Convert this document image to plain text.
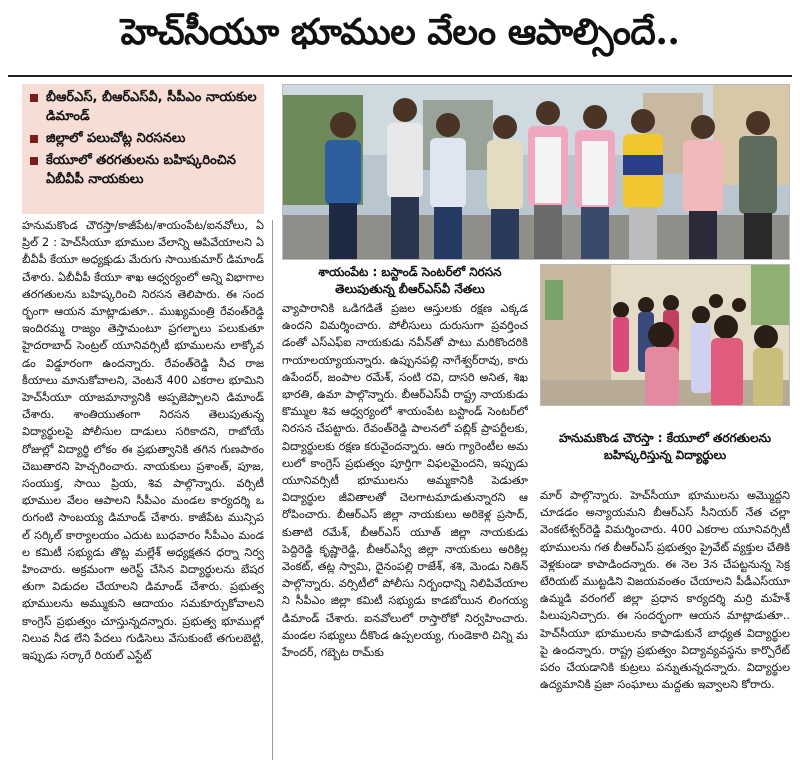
హెచ్‌సీయూ భూముల వేలం ఆపాల్సిందే..
బీఆర్‌ఎస్‌, బీఆర్‌ఎస్‌వీ, సీపీఎం నాయకుల డిమాండ్‌
జిల్లాలో పలుచోట్ల నిరసనలు
కేయూలో తరగతులను బహిష్కరించిన ఏబీవీపీ నాయకులు
శాయంపేట : బస్టాండ్‌ సెంటర్‌లో నిరసన తెలుపుతున్న బీఆర్‌ఎస్‌వీ నేతలు
హనుమకొండ చౌరస్తా : కేయూలో తరగతులను బహిష్కరిస్తున్న విద్యార్థులు

హనుమకొండ చౌరస్తా/కాజీపేట/శాయంపేట/ఐనవోలు, ఏప్రిల్‌ 2 : హెచ్‌సీయూ భూముల వేలాన్ని ఆపివేయాలని ఏబీవీపీ కేయూ అధ్యక్షుడు మేరుగు సాయికుమార్‌ డిమాండ్‌ చేశారు. ఏబీవీపీ కేయూ శాఖ ఆధ్వర్యంలో అన్ని విభాగాల తరగతులను బహిష్కరించి నిరసన తెలిపారు. ఈ సందర్భంగా ఆయన మాట్లాడుతూ.. ముఖ్యమంత్రి రేవంత్‌రెడ్డి ఇందిరమ్మ రాజ్యం తెస్తామంటూ ప్రగల్భాలు పలుకుతూ హైదరాబాద్‌ సెంట్రల్‌ యూనివర్సిటీ భూములను లాక్కోవడం విడ్డూరంగా ఉందన్నారు. రేవంత్‌రెడ్డి నీచ రాజకీయాలు మానుకోవాలని, వెంటనే 400 ఎకరాల భూమిని హెచ్‌సీయూ యాజమాన్యానికి అప్పజెప్పాలని డిమాండ్‌ చేశారు. శాంతియుతంగా నిరసన తెలుపుతున్న విద్యార్థులపై పోలీసుల దాడులు సరికాదని, రాబోయే రోజుల్లో విద్యార్థి లోకం ఈ ప్రభుత్వానికి తగిన గుణపాఠం చెబుతారని హెచ్చరించారు. నాయకులు ప్రశాంత్‌, పూజ, సంయుక్త, సాయి ప్రియ, శివ పాల్గొన్నారు. వర్సిటీ భూముల వేలం ఆపాలని సీపీఎం మండల కార్యదర్శి ఒరుగంటి సాంబయ్య డిమాండ్‌ చేశారు. కాజీపేట మున్సిపల్‌ సర్కిల్‌ కార్యాలయం ఎదుట బుధవారం సీపీఎం మండల కమిటీ సభ్యుడు తొట్ల మల్లేశ్‌ అధ్యక్షతన ధర్నా నిర్వహించారు. అక్రమంగా అరెస్ట్‌ చేసిన విద్యార్థులను బేషరతుగా విడుదల చేయాలని డిమాండ్‌ చేశారు. ప్రభుత్వ భూములను అమ్ముకుని ఆదాయం సమకూర్చుకోవాలని కాంగ్రెస్‌ ప్రభుత్వం చూస్తున్నదన్నారు. ప్రభుత్వ భూముల్లో నిలువ నీడ లేని పేదలు గుడిసెలు వేసుకుంటే తగులబెట్టి, ఇప్పుడు సర్కారే రియల్‌ ఎస్టేట్‌

వ్యాపారానికి ఒడిగడితే ప్రజల ఆస్తులకు రక్షణ ఎక్కడ ఉందని విమర్శించారు. పోలీసులు దురుసుగా ప్రవర్తించడంతో ఎస్‌ఎఫ్‌ఐ నాయకుడు నవీన్‌తో పాటు మరికొందరికి గాయాలయ్యాయన్నారు. ఉప్పునపల్లి నాగేశ్వర్‌రావు, కారు ఉపేందర్‌, జంపాల రమేశ్‌, సంటి రవి, దాసరి అనిత, శిఖ భారతి, ఉమా పాల్గొన్నారు. బీఆర్‌ఎస్‌వీ రాష్ట్ర నాయకుడు కొమ్ముల శివ ఆధ్వర్యంలో శాయంపేట బస్టాండ్‌ సెంటర్‌లో నిరసన చేపట్టారు. రేవంత్‌రెడ్డి పాలనలో పబ్లిక్‌ ప్రాపర్టీలకు, విద్యార్థులకు రక్షణ కరువైందన్నారు. ఆరు గ్యారెంటీల అమలులో కాంగ్రెస్‌ ప్రభుత్వం పూర్తిగా విఫలమైందని, ఇప్పుడు యూనివర్సిటీ భూములను అమ్మకానికి పెడుతూ విద్యార్థుల జీవితాలతో చెలగాటమాడుతున్నారని ఆరోపించారు. బీఆర్‌ఎస్‌ జిల్లా నాయకులు అరికెళ్ల ప్రసాద్‌, కుతాటి రమేశ్‌, బీఆర్‌ఎస్‌ యూత్‌ జిల్లా నాయకుడు పెద్దిరెడ్డి కృష్ణారెడ్డి, బీఆర్‌ఎస్వీ జిల్లా నాయకులు అరికిల్ల వెంకట్‌, తట్ల స్వామి, దైనంపల్లి రాజేశ్‌, శశి, మెండు నితిన్‌ పాల్గొన్నారు. వర్సిటీలో పోలీసు నిర్బంధాన్ని నిలిపివేయాలని సీపీఎం జిల్లా కమిటీ సభ్యుడు కాడబోయిన లింగయ్య డిమాండ్‌ చేశారు. ఐనవోలులో రాస్తారోకో నిర్వహించారు. మండల సభ్యులు దీకొండ ఉప్పలయ్య, గుండెకారి చిన్ని మహేందర్‌, గబ్బెట రామ్‌కు

మార్‌ పాల్గొన్నారు. హెచ్‌సీయూ భూములను అమ్మొద్దని చూడడం అన్యాయమని బీఆర్‌ఎస్‌ సీనియర్‌ నేత చల్లా వెంకటేశ్వర్‌రెడ్డి విమర్శించారు. 400 ఎకరాల యూనివర్సిటీ భూములను గత బీఆర్‌ఎస్‌ ప్రభుత్వం ప్రైవేట్‌ వ్యక్తుల చేతికి వెళ్లకుండా కాపాడిందన్నారు. ఈ నెల 3న చేపట్టనున్న సెక్రటేరియట్‌ ముట్టడిని విజయవంతం చేయాలని పీడీఎస్‌యూ ఉమ్మడి వరంగల్‌ జిల్లా ప్రధాన కార్యదర్శి మర్రి మహేశ్‌ పిలుపునిచ్చారు. ఈ సందర్భంగా ఆయన మాట్లాడుతూ.. హెచ్‌సీయూ భూములను కాపాడుకునే బాధ్యత విద్యార్థులపై ఉందన్నారు. రాష్ట్ర ప్రభుత్వం విద్యావ్యవస్థను కార్పొరేట్‌ పరం చేయడానికి కుట్రలు పన్నుతున్నదన్నారు. విద్యార్థుల ఉద్యమానికి ప్రజా సంఘాలు మద్దతు ఇవ్వాలని కోరారు.
